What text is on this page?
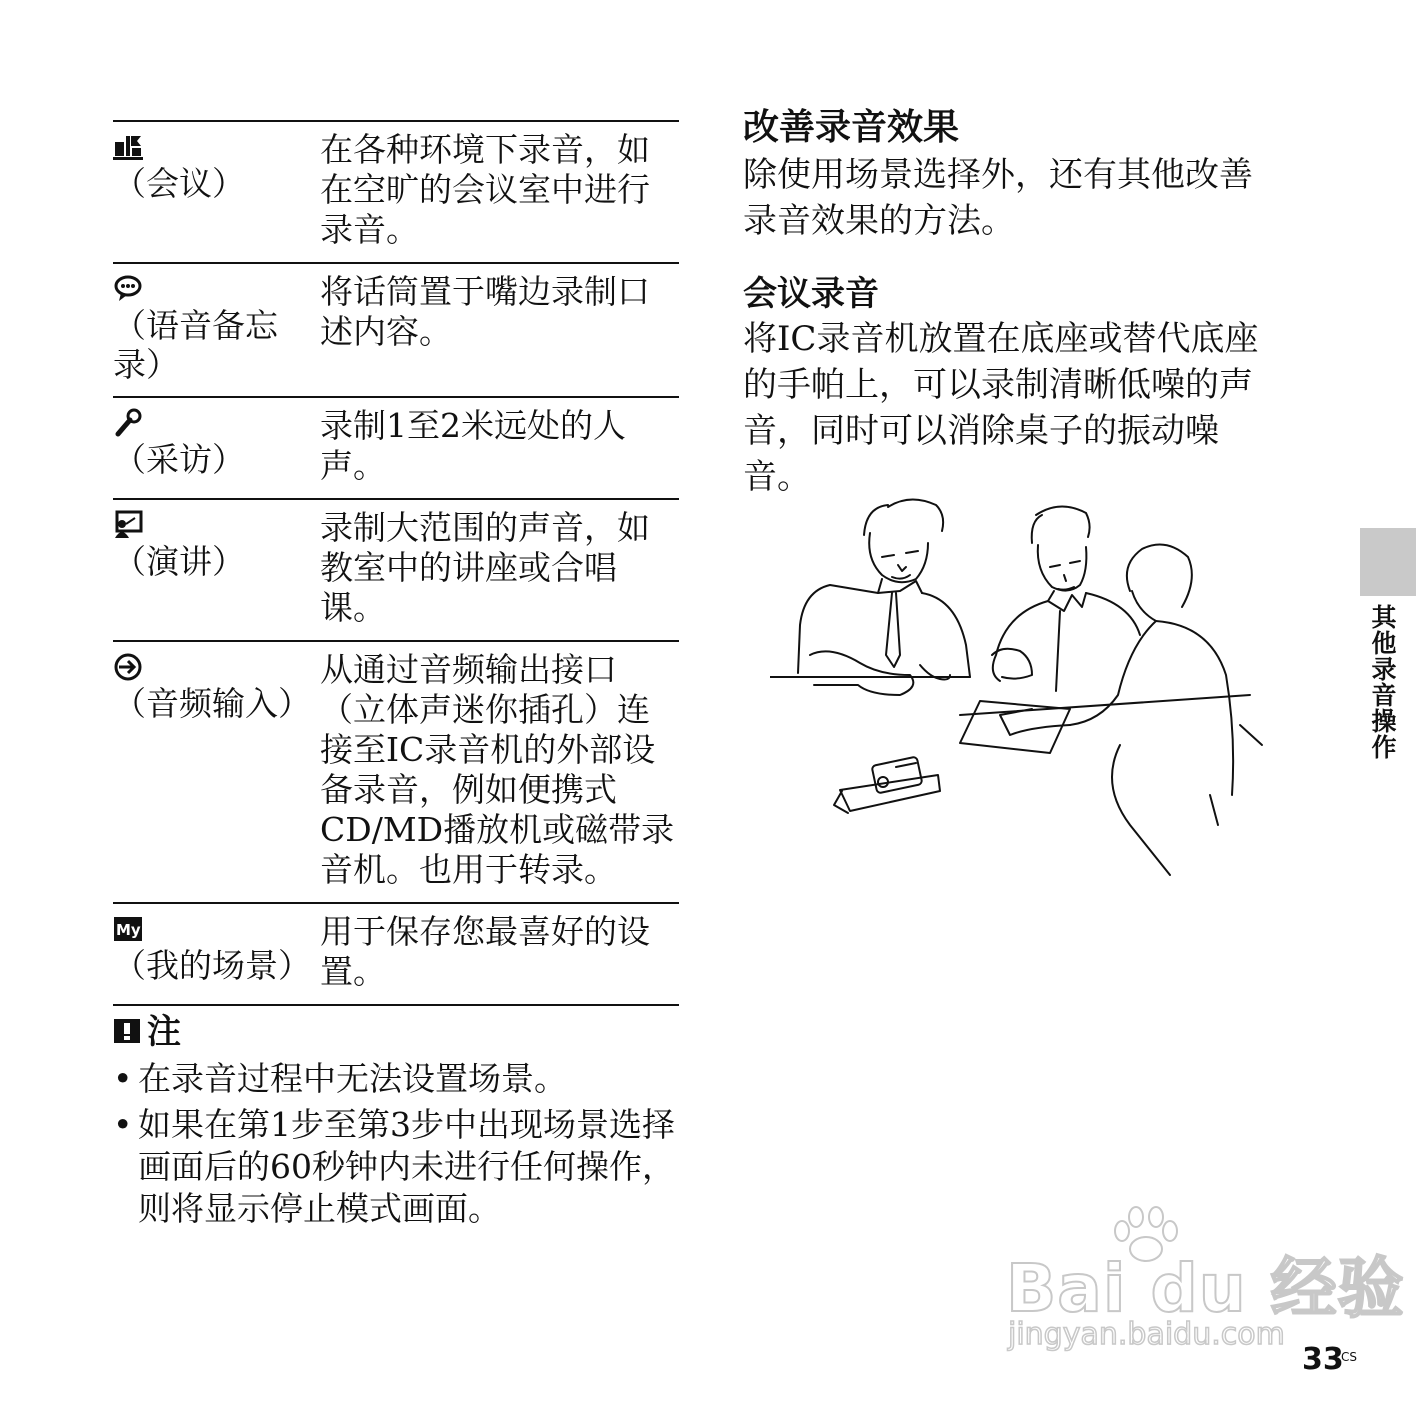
（会议）
在各种环境下录音，如在空旷的会议室中进行录音。
（语音备忘录）
将话筒置于嘴边录制口述内容。
（采访）
录制1至2米远处的人声。
（演讲）
录制大范围的声音，如教室中的讲座或合唱课。
（音频输入）
从通过音频输出接口（立体声迷你插孔）连接至IC录音机的外部设备录音，例如便携式CD/MD播放机或磁带录音机。也用于转录。
My
（我的场景）
用于保存您最喜好的设置。
注
• 在录音过程中无法设置场景。
• 如果在第1步至第3步中出现场景选择画面后的60秒钟内未进行任何操作，则将显示停止模式画面。
改善录音效果

除使用场景选择外，还有其他改善录音效果的方法。

会议录音

将IC录音机放置在底座或替代底座的手帕上，可以录制清晰低噪的声音，同时可以消除桌子的振动噪音。

其他录音操作
Bai du 经验
jingyan.baidu.com
33
CS
